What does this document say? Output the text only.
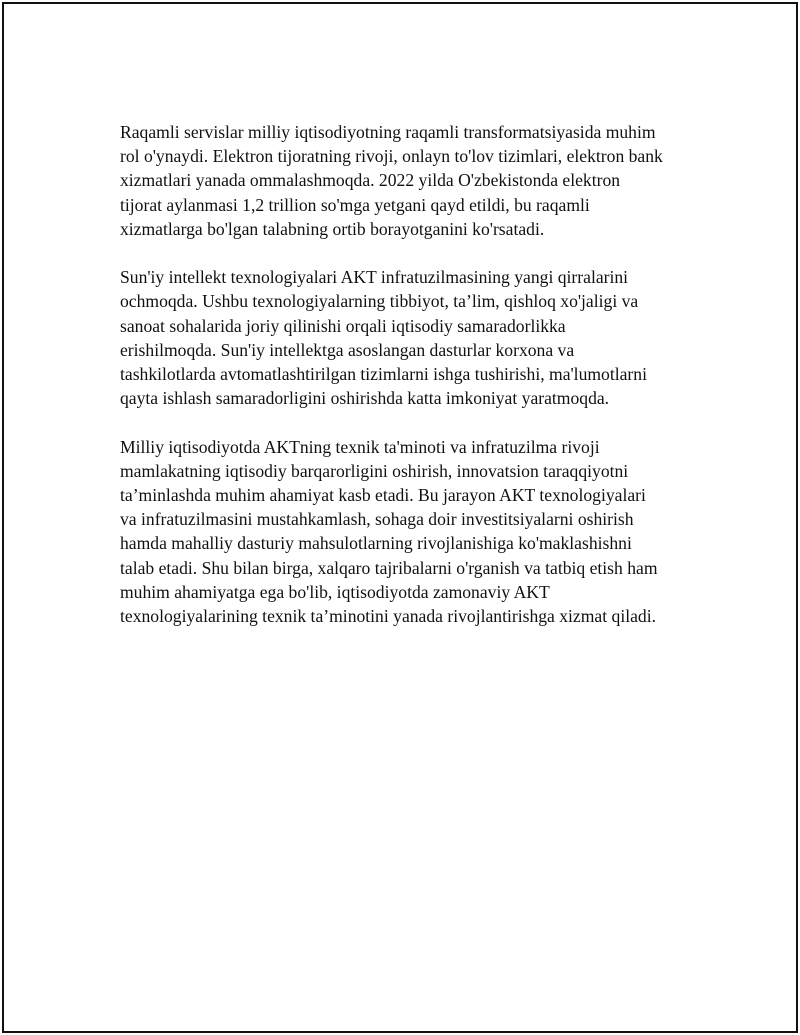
Raqamli servislar milliy iqtisodiyotning raqamli transformatsiyasida muhim
rol o'ynaydi. Elektron tijoratning rivoji, onlayn to'lov tizimlari, elektron bank
xizmatlari yanada ommalashmoqda. 2022 yilda O'zbekistonda elektron
tijorat aylanmasi 1,2 trillion so'mga yetgani qayd etildi, bu raqamli
xizmatlarga bo'lgan talabning ortib borayotganini ko'rsatadi.

Sun'iy intellekt texnologiyalari AKT infratuzilmasining yangi qirralarini
ochmoqda. Ushbu texnologiyalarning tibbiyot, ta’lim, qishloq xo'jaligi va
sanoat sohalarida joriy qilinishi orqali iqtisodiy samaradorlikka
erishilmoqda. Sun'iy intellektga asoslangan dasturlar korxona va
tashkilotlarda avtomatlashtirilgan tizimlarni ishga tushirishi, ma'lumotlarni
qayta ishlash samaradorligini oshirishda katta imkoniyat yaratmoqda.

Milliy iqtisodiyotda AKTning texnik ta'minoti va infratuzilma rivoji
mamlakatning iqtisodiy barqarorligini oshirish, innovatsion taraqqiyotni
ta’minlashda muhim ahamiyat kasb etadi. Bu jarayon AKT texnologiyalari
va infratuzilmasini mustahkamlash, sohaga doir investitsiyalarni oshirish
hamda mahalliy dasturiy mahsulotlarning rivojlanishiga ko'maklashishni
talab etadi. Shu bilan birga, xalqaro tajribalarni o'rganish va tatbiq etish ham
muhim ahamiyatga ega bo'lib, iqtisodiyotda zamonaviy AKT
texnologiyalarining texnik ta’minotini yanada rivojlantirishga xizmat qiladi.
